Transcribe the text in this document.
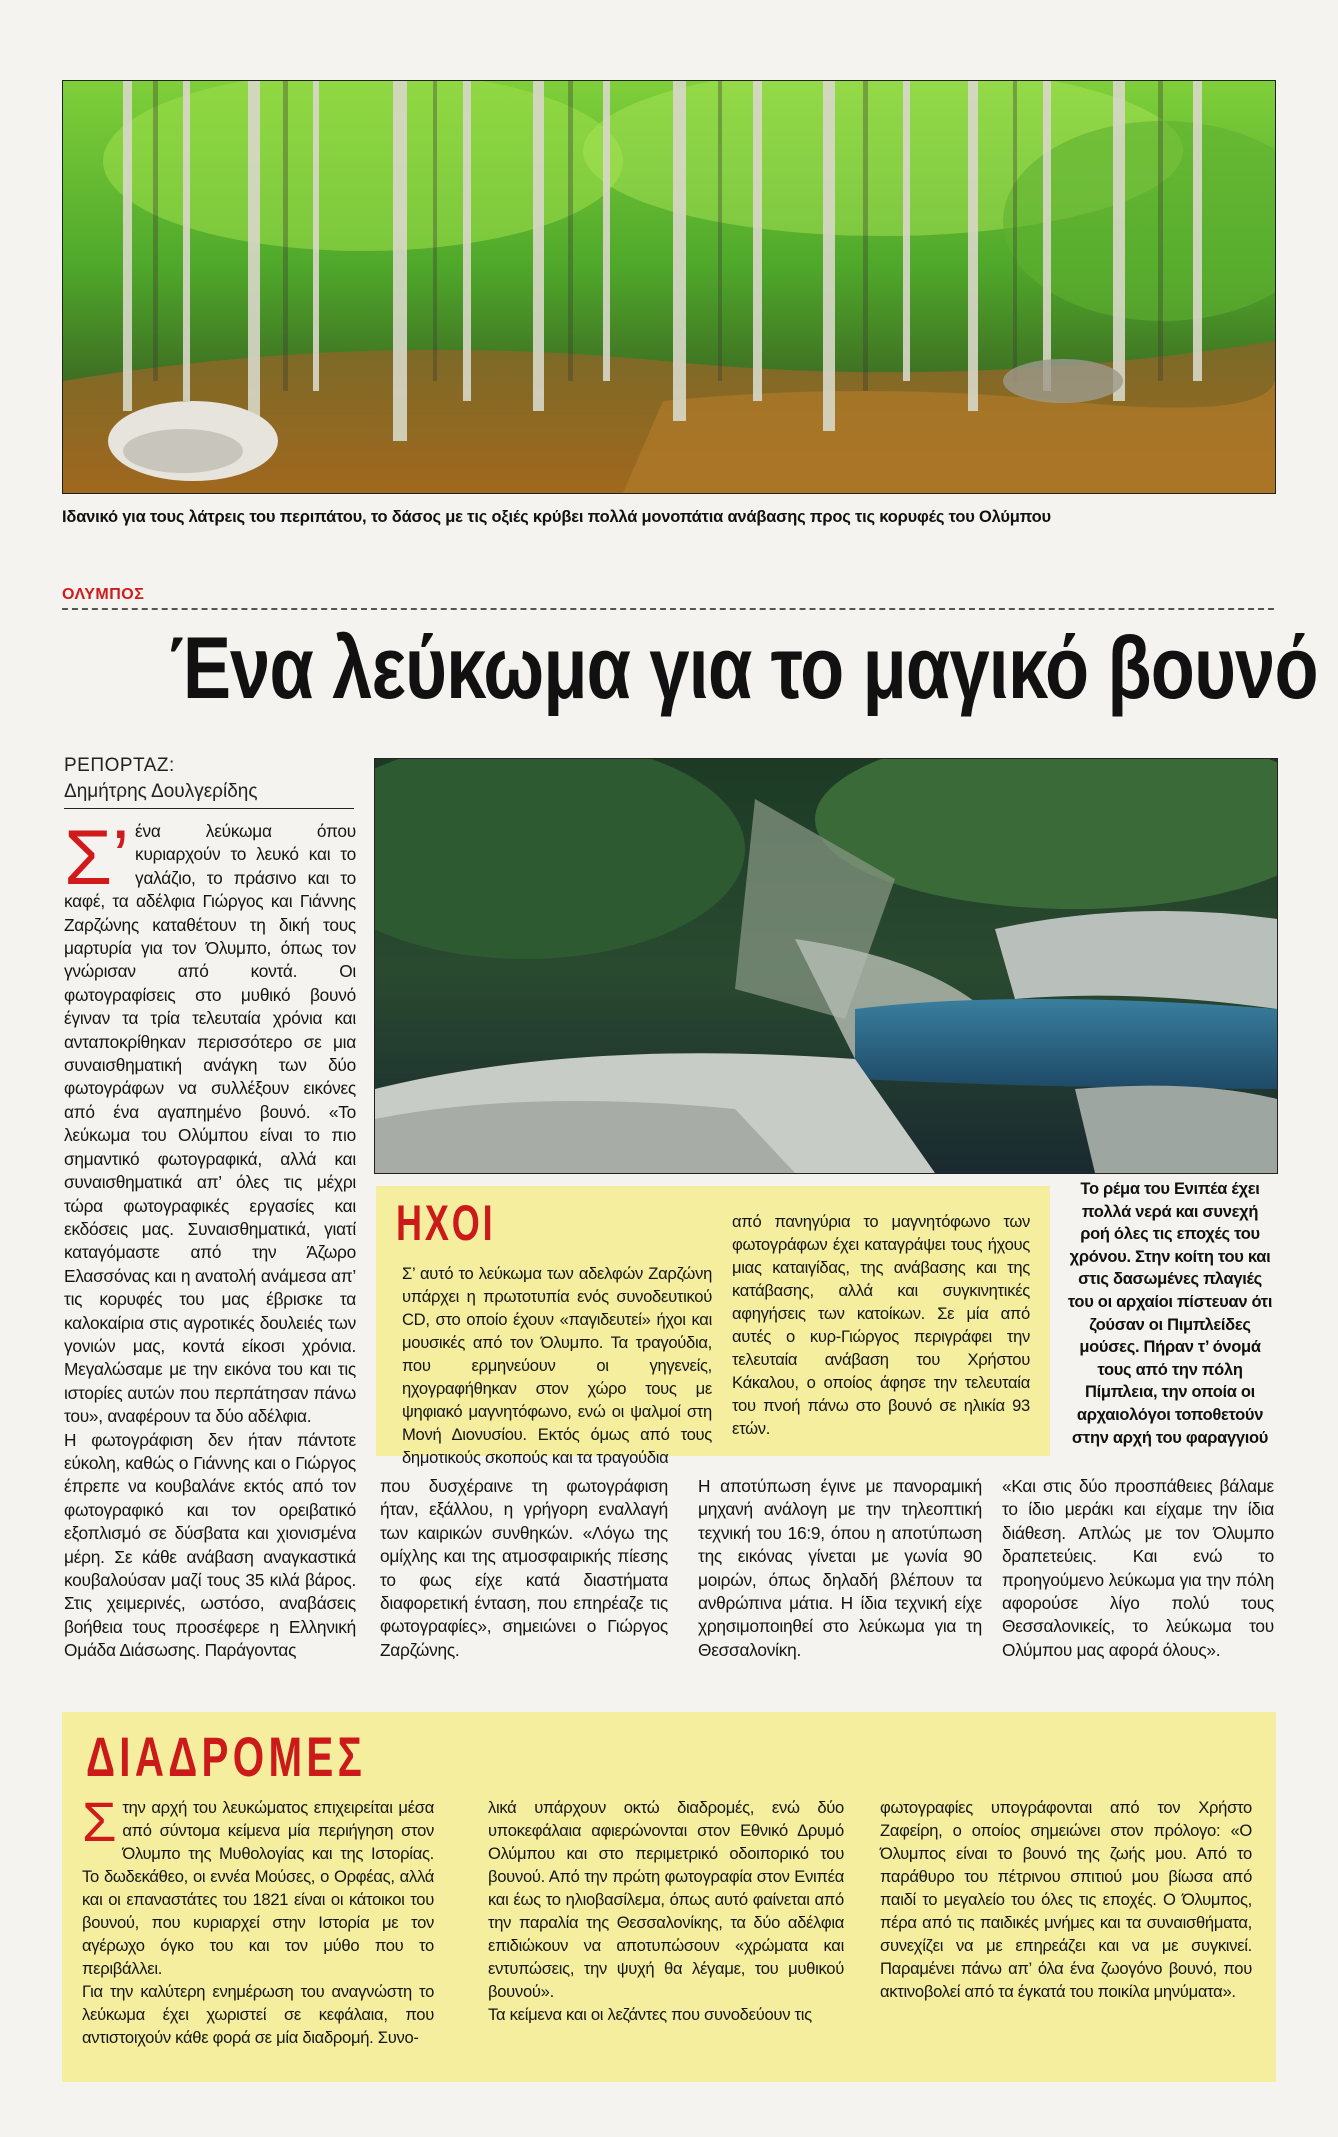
Ιδανικό για τους λάτρεις του περιπάτου, το δάσος με τις οξιές κρύβει πολλά μονοπάτια ανάβασης προς τις κορυφές του Ολύμπου
ΟΛΥΜΠΟΣ
Ένα λεύκωμα για το μαγικό βουνό
ΡΕΠΟΡΤΑΖ:
Δημήτρης Δουλγερίδης

Σ’ ένα λεύκωμα όπου κυριαρχούν το λευκό και το γαλάζιο, το πράσινο και το καφέ, τα αδέλφια Γιώργος και Γιάννης Ζαρζώνης καταθέτουν τη δική τους μαρτυρία για τον Όλυμπο, όπως τον γνώρισαν από κοντά. Οι φωτογραφίσεις στο μυθικό βουνό έγιναν τα τρία τελευταία χρόνια και ανταποκρίθηκαν περισσότερο σε μια συναισθηματική ανάγκη των δύο φωτογράφων να συλλέξουν εικόνες από ένα αγαπημένο βουνό. «Το λεύκωμα του Ολύμπου είναι το πιο σημαντικό φωτογραφικά, αλλά και συναισθηματικά απ’ όλες τις μέχρι τώρα φωτογραφικές εργασίες και εκδόσεις μας. Συναισθηματικά, γιατί καταγόμαστε από την Άζωρο Ελασσόνας και η ανατολή ανάμεσα απ’ τις κορυφές του μας έβρισκε τα καλοκαίρια στις αγροτικές δουλειές των γονιών μας, κοντά είκοσι χρόνια. Μεγαλώσαμε με την εικόνα του και τις ιστορίες αυτών που περπάτησαν πάνω του», αναφέρουν τα δύο αδέλφια.

Η φωτογράφιση δεν ήταν πάντοτε εύκολη, καθώς ο Γιάννης και ο Γιώργος έπρεπε να κουβαλάνε εκτός από τον φωτογραφικό και τον ορειβατικό εξοπλισμό σε δύσβατα και χιονισμένα μέρη. Σε κάθε ανάβαση αναγκαστικά κουβαλούσαν μαζί τους 35 κιλά βάρος. Στις χειμερινές, ωστόσο, αναβάσεις βοήθεια τους προσέφερε η Ελληνική Ομάδα Διάσωσης. Παράγοντας

Το ρέμα του Ενιπέα έχει πολλά νερά και συνεχή ροή όλες τις εποχές του χρόνου. Στην κοίτη του και στις δασωμένες πλαγιές του οι αρχαίοι πίστευαν ότι ζούσαν οι Πιμπλείδες μούσες. Πήραν τ’ όνομά τους από την πόλη Πίμπλεια, την οποία οι αρχαιολόγοι τοποθετούν στην αρχή του φαραγγιού
ΗΧΟΙ

Σ’ αυτό το λεύκωμα των αδελφών Ζαρζώνη υπάρχει η πρωτοτυπία ενός συνοδευτικού CD, στο οποίο έχουν «παγιδευτεί» ήχοι και μουσικές από τον Όλυμπο. Τα τραγούδια, που ερμηνεύουν οι γηγενείς, ηχογραφήθηκαν στον χώρο τους με ψηφιακό μαγνητόφωνο, ενώ οι ψαλμοί στη Μονή Διονυσίου. Εκτός όμως από τους δημοτικούς σκοπούς και τα τραγούδια

από πανηγύρια το μαγνητόφωνο των φωτογράφων έχει καταγράψει τους ήχους μιας καταιγίδας, της ανάβασης και της κατάβασης, αλλά και συγκινητικές αφηγήσεις των κατοίκων. Σε μία από αυτές ο κυρ-Γιώργος περιγράφει την τελευταία ανάβαση του Χρήστου Κάκαλου, ο οποίος άφησε την τελευταία του πνοή πάνω στο βουνό σε ηλικία 93 ετών.

που δυσχέραινε τη φωτογράφιση ήταν, εξάλλου, η γρήγορη εναλλαγή των καιρικών συνθηκών. «Λόγω της ομίχλης και της ατμοσφαιρικής πίεσης το φως είχε κατά διαστήματα διαφορετική ένταση, που επηρέαζε τις φωτογραφίες», σημειώνει ο Γιώργος Ζαρζώνης.

Η αποτύπωση έγινε με πανοραμική μηχανή ανάλογη με την τηλεοπτική τεχνική του 16:9, όπου η αποτύπωση της εικόνας γίνεται με γωνία 90 μοιρών, όπως δηλαδή βλέπουν τα ανθρώπινα μάτια. Η ίδια τεχνική είχε χρησιμοποιηθεί στο λεύκωμα για τη Θεσσαλονίκη.

«Και στις δύο προσπάθειες βάλαμε το ίδιο μεράκι και είχαμε την ίδια διάθεση. Απλώς με τον Όλυμπο δραπετεύεις. Και ενώ το προηγούμενο λεύκωμα για την πόλη αφορούσε λίγο πολύ τους Θεσσαλονικείς, το λεύκωμα του Ολύμπου μας αφορά όλους».

ΔΙΑΔΡΟΜΕΣ

Σ την αρχή του λευκώματος επιχειρείται μέσα από σύντομα κείμενα μία περιήγηση στον Όλυμπο της Μυθολογίας και της Ιστορίας. Το δωδεκάθεο, οι εννέα Μούσες, ο Ορφέας, αλλά και οι επαναστάτες του 1821 είναι οι κάτοικοι του βουνού, που κυριαρχεί στην Ιστορία με τον αγέρωχο όγκο του και τον μύθο που το περιβάλλει.

Για την καλύτερη ενημέρωση του αναγνώστη το λεύκωμα έχει χωριστεί σε κεφάλαια, που αντιστοιχούν κάθε φορά σε μία διαδρομή. Συνο-

λικά υπάρχουν οκτώ διαδρομές, ενώ δύο υποκεφάλαια αφιερώνονται στον Εθνικό Δρυμό Ολύμπου και στο περιμετρικό οδοιπορικό του βουνού. Από την πρώτη φωτογραφία στον Ενιπέα και έως το ηλιοβασίλεμα, όπως αυτό φαίνεται από την παραλία της Θεσσαλονίκης, τα δύο αδέλφια επιδιώκουν να αποτυπώσουν «χρώματα και εντυπώσεις, την ψυχή θα λέγαμε, του μυθικού βουνού».

Τα κείμενα και οι λεζάντες που συνοδεύουν τις

φωτογραφίες υπογράφονται από τον Χρήστο Ζαφείρη, ο οποίος σημειώνει στον πρόλογο: «Ο Όλυμπος είναι το βουνό της ζωής μου. Από το παράθυρο του πέτρινου σπιτιού μου βίωσα από παιδί το μεγαλείο του όλες τις εποχές. Ο Όλυμπος, πέρα από τις παιδικές μνήμες και τα συναισθήματα, συνεχίζει να με επηρεάζει και να με συγκινεί. Παραμένει πάνω απ’ όλα ένα ζωογόνο βουνό, που ακτινοβολεί από τα έγκατά του ποικίλα μηνύματα».
